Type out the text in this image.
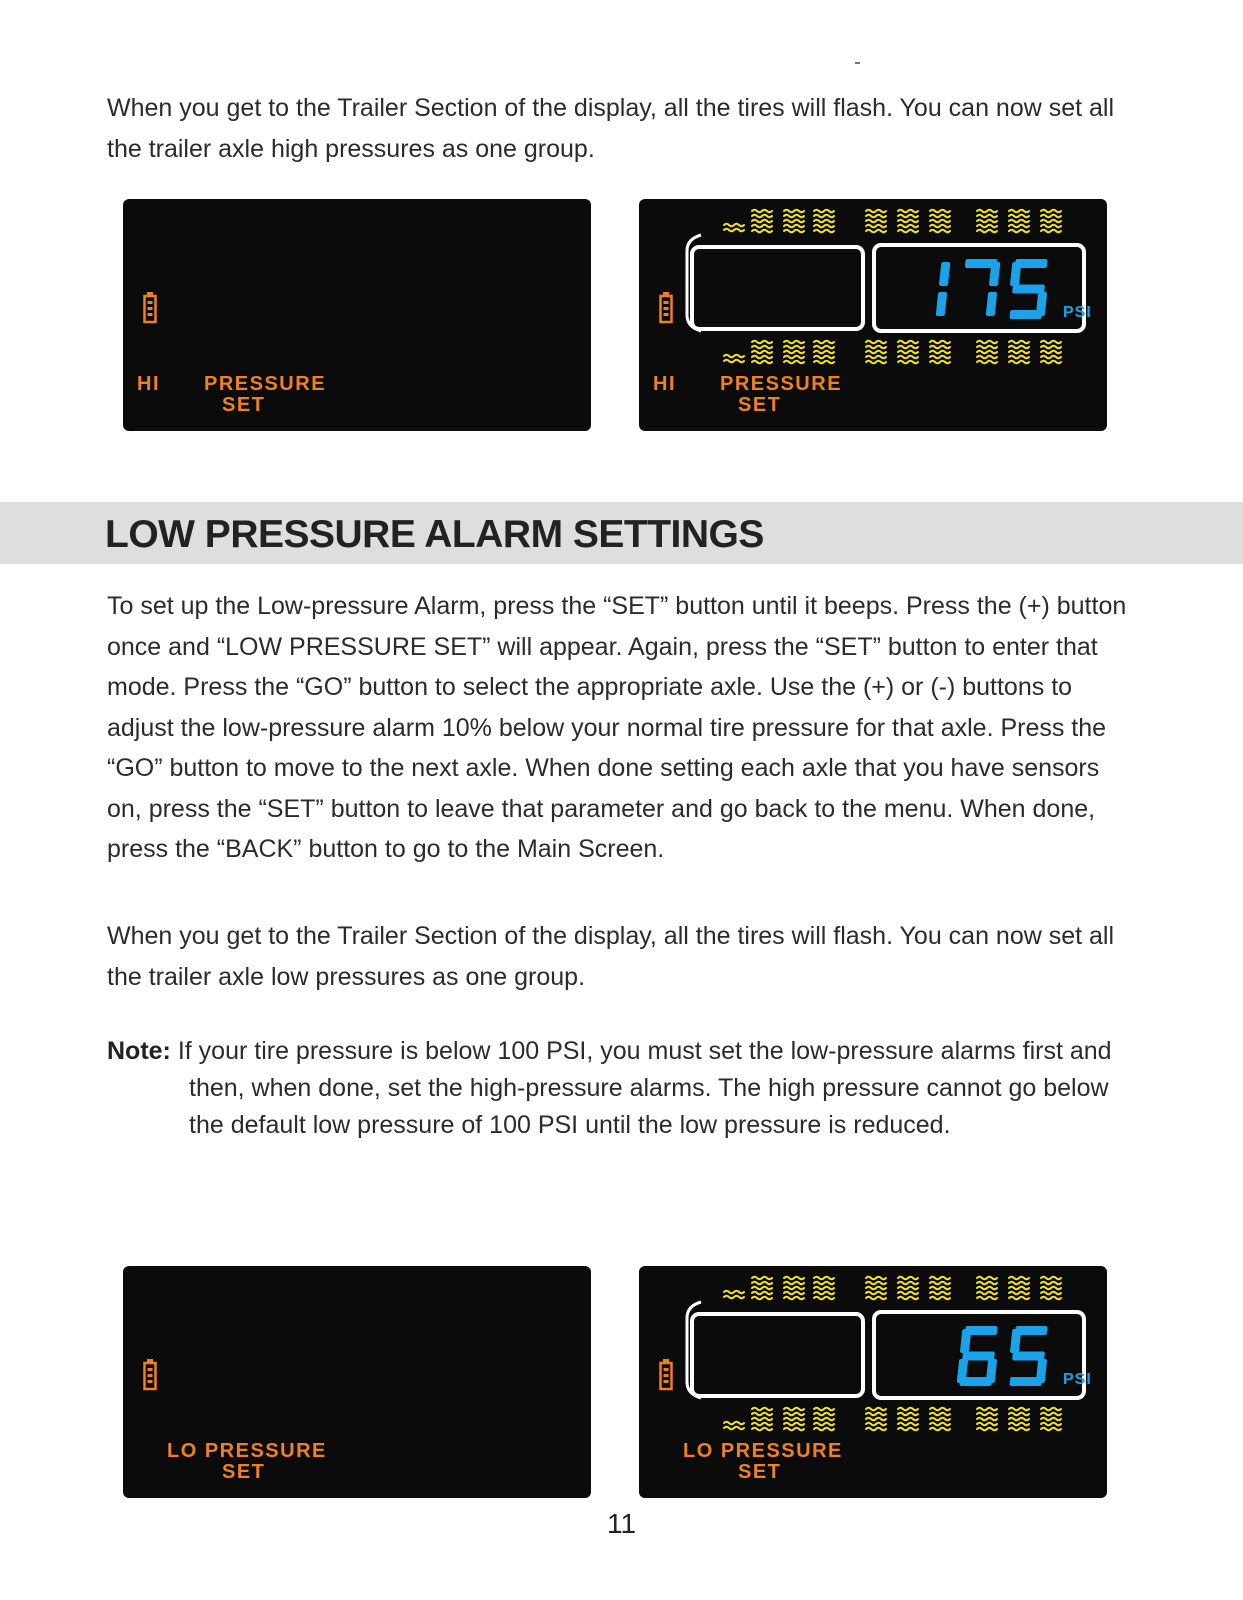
When you get to the Trailer Section of the display, all the tires will flash. You can now set all the trailer axle high pressures as one group.

HI PRESSURE
SET
PSI
HI PRESSURE
SET
LOW PRESSURE ALARM SETTINGS

To set up the Low-pressure Alarm, press the “SET” button until it beeps. Press the (+) button once and “LOW PRESSURE SET” will appear. Again, press the “SET” button to enter that mode. Press the “GO” button to select the appropriate axle. Use the (+) or (-) buttons to adjust the low-pressure alarm 10% below your normal tire pressure for that axle. Press the “GO” button to move to the next axle. When done setting each axle that you have sensors on, press the “SET” button to leave that parameter and go back to the menu. When done, press the “BACK” button to go to the Main Screen.

When you get to the Trailer Section of the display, all the tires will flash. You can now set all the trailer axle low pressures as one group.

Note: If your tire pressure is below 100 PSI, you must set the low-pressure alarms first and then, when done, set the high-pressure alarms. The high pressure cannot go below the default low pressure of 100 PSI until the low pressure is reduced.
LO PRESSURE
SET
PSI
LO PRESSURE
SET
11
